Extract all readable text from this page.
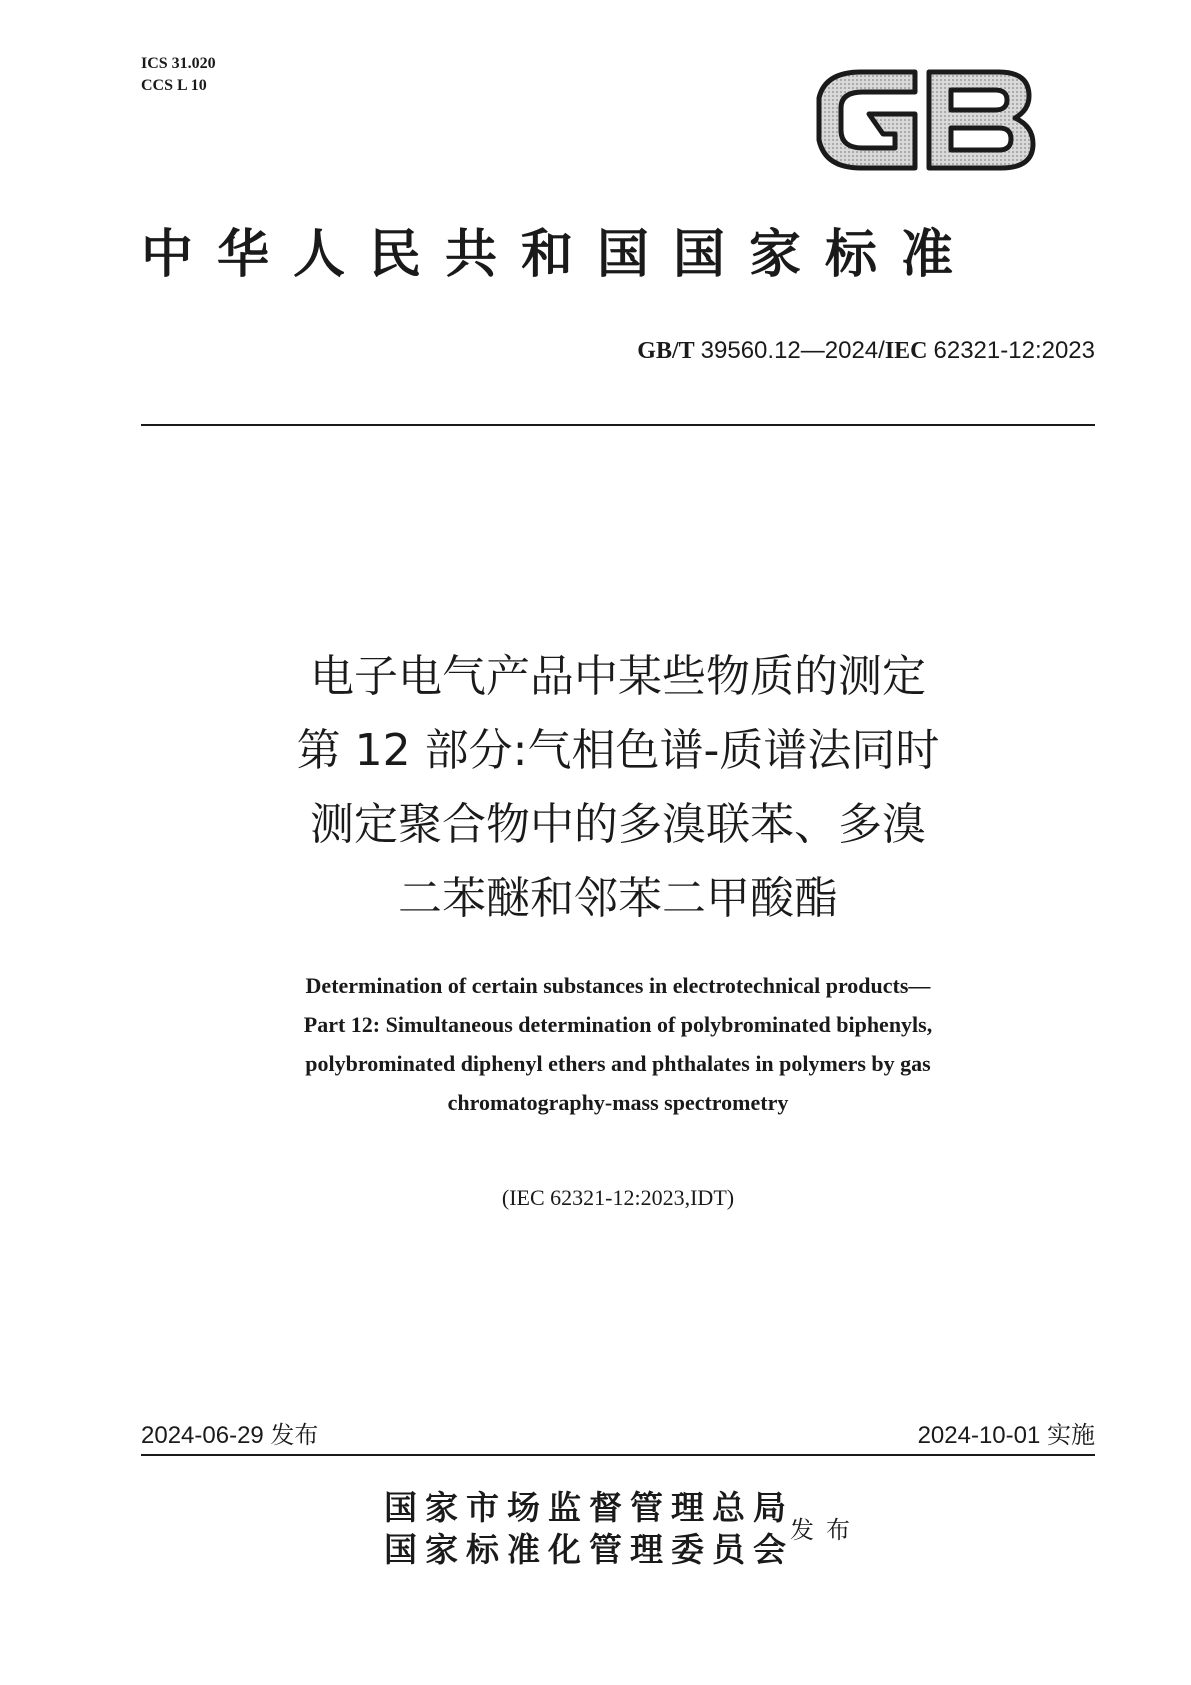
ICS 31.020
CCS L 10
中华人民共和国国家标准
GB/T 39560.12—2024/IEC 62321-12:2023
电子电气产品中某些物质的测定
第 12 部分:气相色谱-质谱法同时
测定聚合物中的多溴联苯、多溴
二苯醚和邻苯二甲酸酯
Determination of certain substances in electrotechnical products—
Part 12: Simultaneous determination of polybrominated biphenyls,
polybrominated diphenyl ethers and phthalates in polymers by gas
chromatography-mass spectrometry
(IEC 62321-12:2023,IDT)
2024-06-29 发布	2024-10-01 实施
国家市场监督管理总局
国家标准化管理委员会
发布
